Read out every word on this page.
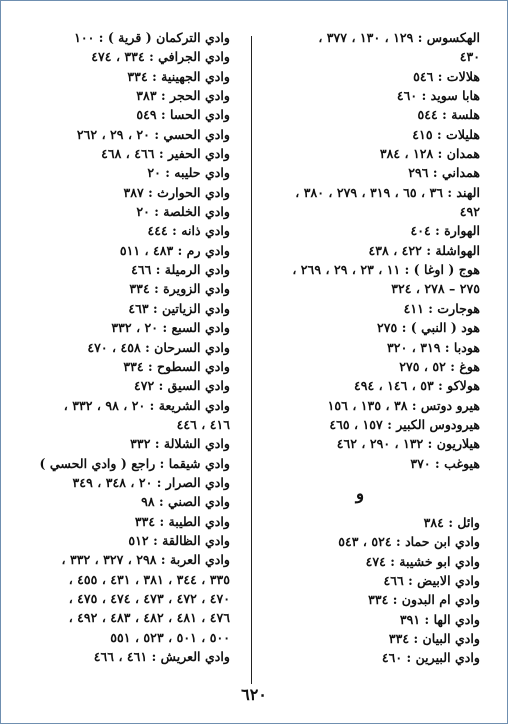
الهكسوس : ١٢٩ ، ١٣٠ ، ٣٧٧ ،
٤٣٠
هلالات : ٥٤٦
هابا سويد : ٤٦٠
هلسة : ٥٤٤
هليلات : ٤١٥
همدان : ١٢٨ ، ٣٨٤
همداني : ٢٩٦
الهند : ٣٦ ، ٦٥ ، ٣١٩ ، ٢٧٩ ، ٣٨٠ ،
٤٩٢
الهوارة : ٤٠٤
الهواشلة : ٤٢٢ ، ٤٣٨
هوج ( اوغا ) : ١١ ، ٢٣ ، ٢٩ ، ٢٦٩ ،
٢٧٥ – ٢٧٨ ، ٣٢٤
هوجارت : ٤١١
هود ( النبي ) : ٢٧٥
هودبا : ٣١٩ ، ٣٢٠
هوغ : ٥٢ ، ٢٧٥
هولاكو : ٥٣ ، ١٤٦ ، ٤٩٤
هيرو دوتس : ٣٨ ، ١٣٥ ، ١٥٦
هيرودوس الكبير : ١٥٧ ، ٤٦٥
هيلاريون : ١٣٢ ، ٢٩٠ ، ٤٦٢
هيوغب : ٣٧٠
و
وائل : ٣٨٤
وادي ابن حماد : ٥٢٤ ، ٥٤٣
وادي ابو خشيبة : ٤٧٤
وادي الابيض : ٤٦٦
وادي ام البدون : ٣٣٤
وادي الها : ٣٩١
وادي البيان : ٣٣٤
وادي البيرين : ٤٦٠
وادي التركمان ( قرية ) : ١٠٠
وادي الجرافي : ٣٣٤ ، ٤٧٤
وادي الجهينية : ٣٣٤
وادي الحجر : ٣٨٣
وادي الحسا : ٥٤٩
وادي الحسي : ٢٠ ، ٢٩ ، ٢٦٢
وادي الحفير : ٤٦٦ ، ٤٦٨
وادي حليبه : ٢٠
وادي الحوارث : ٣٨٧
وادي الخلصة : ٢٠
وادي ذانه : ٤٤٤
وادي رم : ٤٨٣ ، ٥١١
وادي الرميلة : ٤٦٦
وادي الزويرة : ٣٣٤
وادي الزياتين : ٤٦٣
وادي السبع : ٢٠ ، ٣٣٢
وادي السرحان : ٤٥٨ ، ٤٧٠
وادي السطوح : ٣٣٤
وادي السيق : ٤٧٢
وادي الشريعة : ٢٠ ، ٩٨ ، ٣٣٢ ،
٤١٦ ، ٤٤٦
وادي الشلالة : ٣٣٢
وادي شيقما : راجع ( وادي الحسي )
وادي الصرار : ٢٠ ، ٣٤٨ ، ٣٤٩
وادي الصني : ٩٨
وادي الطيبة : ٣٣٤
وادي الظالقة : ٥١٢
وادي العربة : ٢٩٨ ، ٣٢٧ ، ٣٣٢ ،
٣٣٥ ، ٣٤٤ ، ٣٨١ ، ٤٣١ ، ٤٥٥ ،
٤٧٠ ، ٤٧٢ ، ٤٧٣ ، ٤٧٤ ، ٤٧٥ ،
٤٧٦ ، ٤٨١ ، ٤٨٢ ، ٤٨٣ ، ٤٩٢ ،
٥٠٠ ، ٥٠١ ، ٥٢٣ ، ٥٥١
وادي العريش : ٤٦١ ، ٤٦٦
٦٢٠
